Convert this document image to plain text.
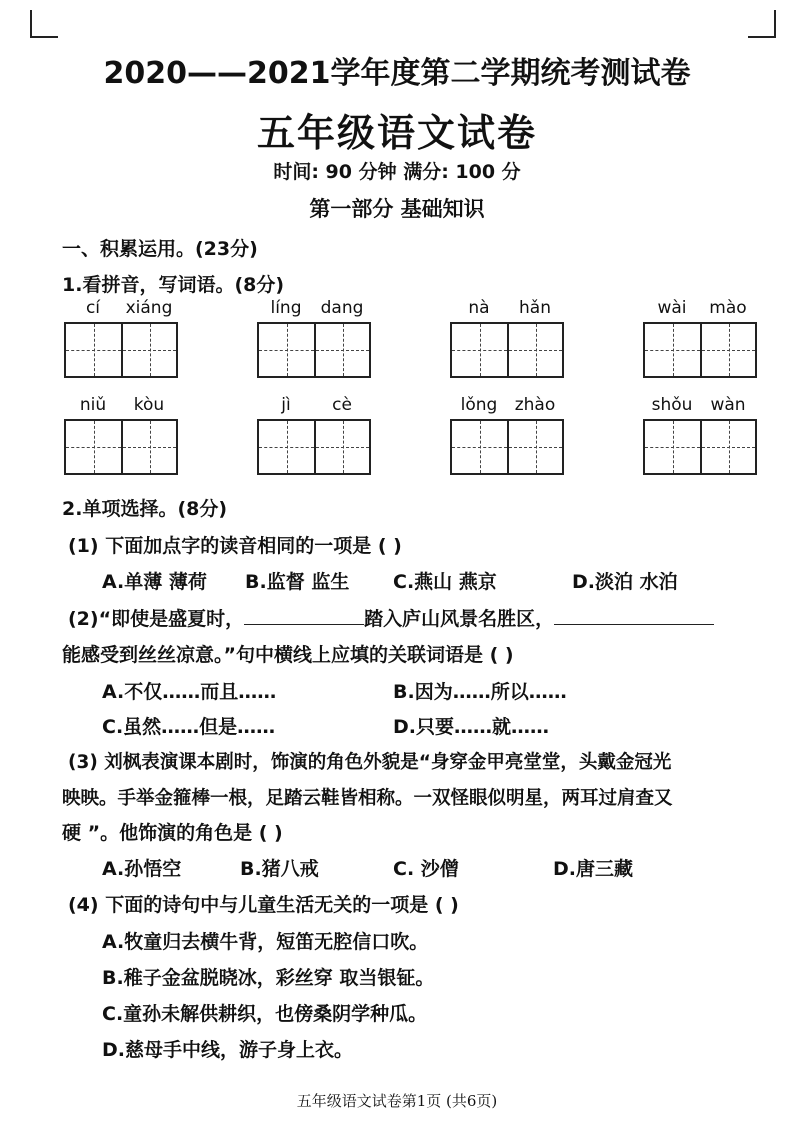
2020——2021学年度第二学期统考测试卷
五年级语文试卷
时间: 90 分钟 满分: 100 分
第一部分 基础知识
一、积累运用。(23分)
1.看拼音，写词语。(8分)
cí xiáng	líng dang	nà hǎn	wài mào
niǔ kòu	jì cè	lǒng zhào	shǒu wàn
2.单项选择。(8分)
(1) 下面加点字的读音相同的一项是 ( )
A.单薄 薄荷 B.监督 监生 C.燕山 燕京	D.淡泊 水泊
(2)“即使是盛夏时，	踏入庐山风景名胜区，
能感受到丝丝凉意。”句中横线上应填的关联词语是 ( )
A.不仅……而且……	B.因为……所以……
C.虽然……但是……	D.只要……就……
(3) 刘枫表演课本剧时，饰演的角色外貌是“身穿金甲亮堂堂，头戴金冠光
映映。手举金箍棒一根，足踏云鞋皆相称。一双怪眼似明星，两耳过肩查又
硬 ”。他饰演的角色是 ( )
A.孙悟空	B.猪八戒	C. 沙僧	D.唐三藏
(4) 下面的诗句中与儿童生活无关的一项是 ( )
A.牧童归去横牛背，短笛无腔信口吹。
B.稚子金盆脱晓冰，彩丝穿 取当银钲。
C.童孙未解供耕织，也傍桑阴学种瓜。
D.慈母手中线，游子身上衣。
五年级语文试卷第1页 (共6页)
